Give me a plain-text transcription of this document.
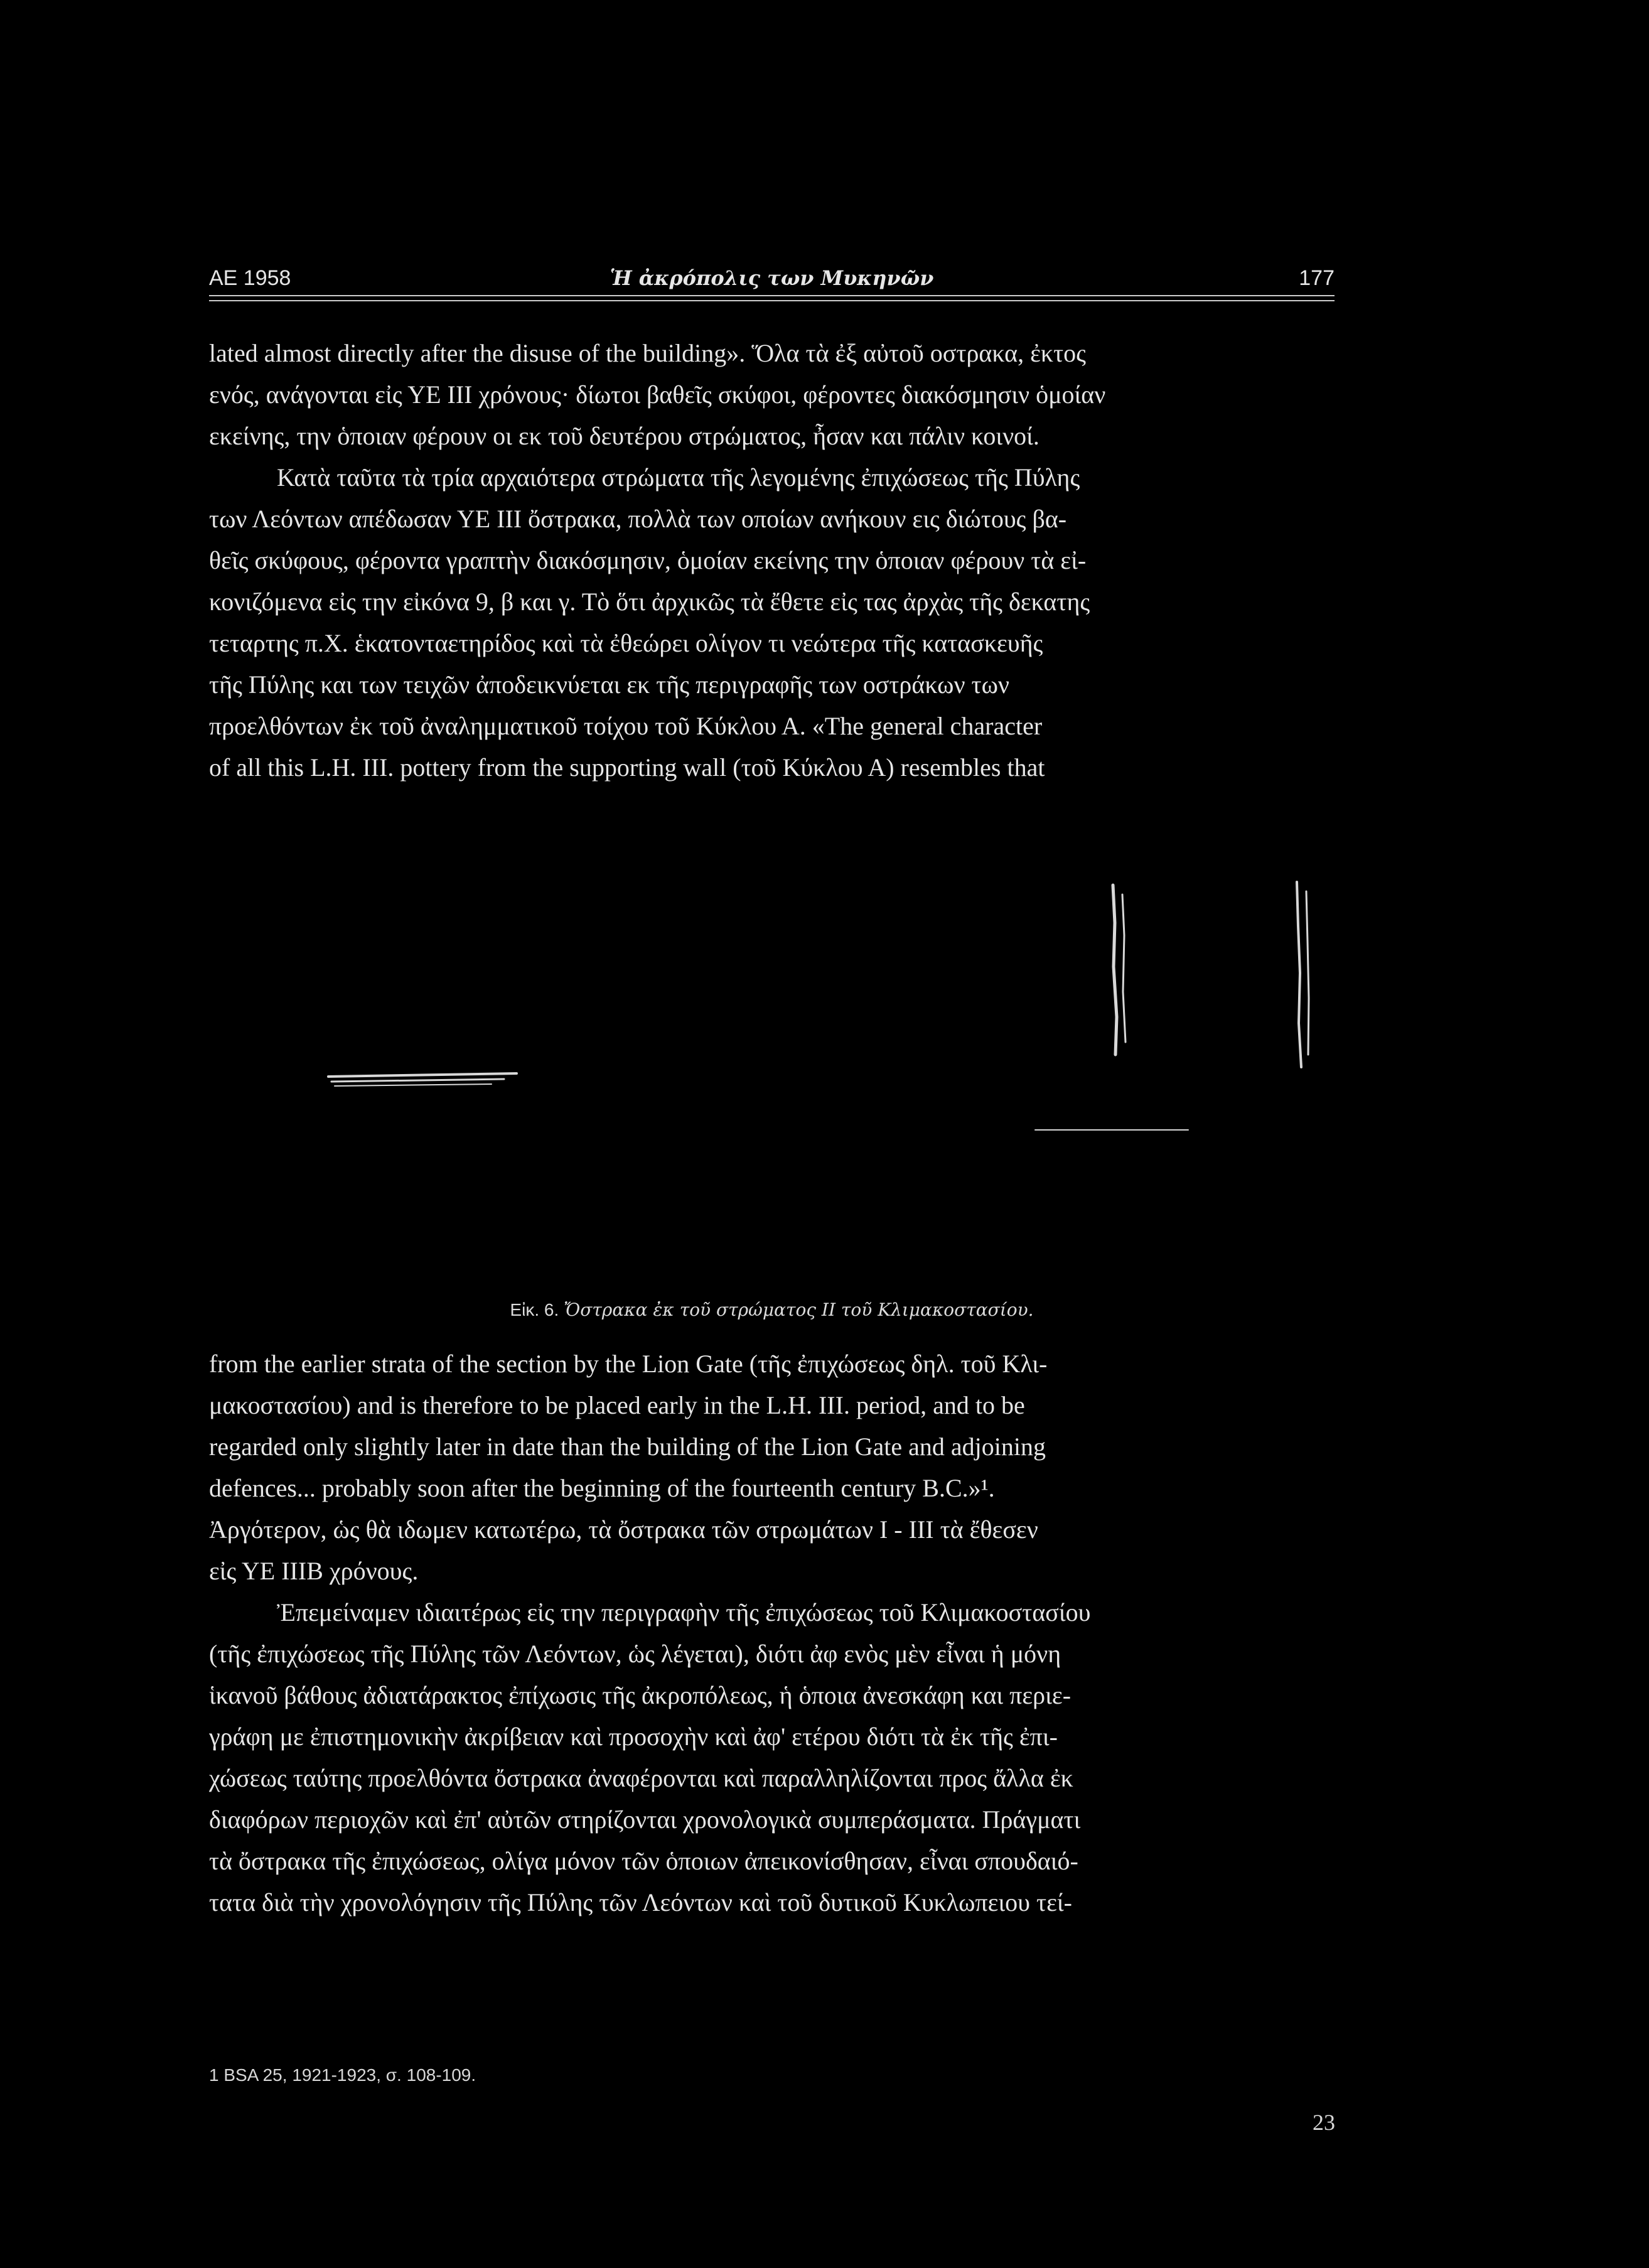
ΑΕ 1958	Ἡ ἀκρόπολις των Μυκηνῶν	177

lated almost directly after the disuse of the building». Ὅλα τὰ ἐξ αὐτοῦ οστρακα, ἐκτος
ενός, ανάγονται εἰς ΥΕ ΙΙΙ χρόνους· δίωτοι βαθεῖς σκύφοι, φέροντες διακόσμησιν ὁμοίαν
εκείνης, την ὁποιαν φέρουν οι εκ τοῦ δευτέρου στρώματος, ἦσαν και πάλιν κοινοί.

Κατὰ ταῦτα τὰ τρία αρχαιότερα στρώματα τῆς λεγομένης ἐπιχώσεως τῆς Πύλης
των Λεόντων απέδωσαν ΥΕ ΙΙΙ ὄστρακα, πολλὰ των οποίων ανήκουν εις διώτους βα-
θεῖς σκύφους, φέροντα γραπτὴν διακόσμησιν, ὁμοίαν εκείνης την ὁποιαν φέρουν τὰ εἰ-
κονιζόμενα εἰς την εἰκόνα 9, β και γ. Τὸ ὅτι ἀρχικῶς τὰ ἔθετε εἰς τας ἀρχὰς τῆς δεκατης
τεταρτης π.Χ. ἑκατονταετηρίδος καὶ τὰ ἐθεώρει ολίγον τι νεώτερα τῆς κατασκευῆς
τῆς Πύλης και των τειχῶν ἀποδεικνύεται εκ τῆς περιγραφῆς των οστράκων των
προελθόντων ἐκ τοῦ ἀναλημματικοῦ τοίχου τοῦ Κύκλου Α. «The general character
of all this L.H. III. pottery from the supporting wall (τοῦ Κύκλου Α) resembles that

Εἰκ. 6. Ὄστρακα ἐκ τοῦ στρώματος ΙΙ τοῦ Κλιμακοστασίου.

from the earlier strata of the section by the Lion Gate (τῆς ἐπιχώσεως δηλ. τοῦ Κλι-
μακοστασίου) and is therefore to be placed early in the L.H. III. period, and to be
regarded only slightly later in date than the building of the Lion Gate and adjoining
defences... probably soon after the beginning of the fourteenth century B.C.»¹.
Ἀργότερον, ὡς θὰ ιδωμεν κατωτέρω, τὰ ὄστρακα τῶν στρωμάτων Ι - ΙΙΙ τὰ ἔθεσεν
εἰς ΥΕ ΙΙΙΒ χρόνους.

Ἐπεμείναμεν ιδιαιτέρως εἰς την περιγραφὴν τῆς ἐπιχώσεως τοῦ Κλιμακοστασίου
(τῆς ἐπιχώσεως τῆς Πύλης τῶν Λεόντων, ὡς λέγεται), διότι ἀφ ενὸς μὲν εἶναι ἡ μόνη
ἱκανοῦ βάθους ἀδιατάρακτος ἐπίχωσις τῆς ἀκροπόλεως, ἡ ὁποια ἀνεσκάφη και περιε-
γράφη με ἐπιστημονικὴν ἀκρίβειαν καὶ προσοχὴν καὶ ἀφ' ετέρου διότι τὰ ἐκ τῆς ἐπι-
χώσεως ταύτης προελθόντα ὄστρακα ἀναφέρονται καὶ παραλληλίζονται προς ἄλλα ἐκ
διαφόρων περιοχῶν καὶ ἐπ' αὐτῶν στηρίζονται χρονολογικὰ συμπεράσματα. Πράγματι
τὰ ὄστρακα τῆς ἐπιχώσεως, ολίγα μόνον τῶν ὁποιων ἀπεικονίσθησαν, εἶναι σπουδαιό-
τατα διὰ τὴν χρονολόγησιν τῆς Πύλης τῶν Λεόντων καὶ τοῦ δυτικοῦ Κυκλωπειου τεί-

1 BSA 25, 1921-1923, σ. 108-109.
23
